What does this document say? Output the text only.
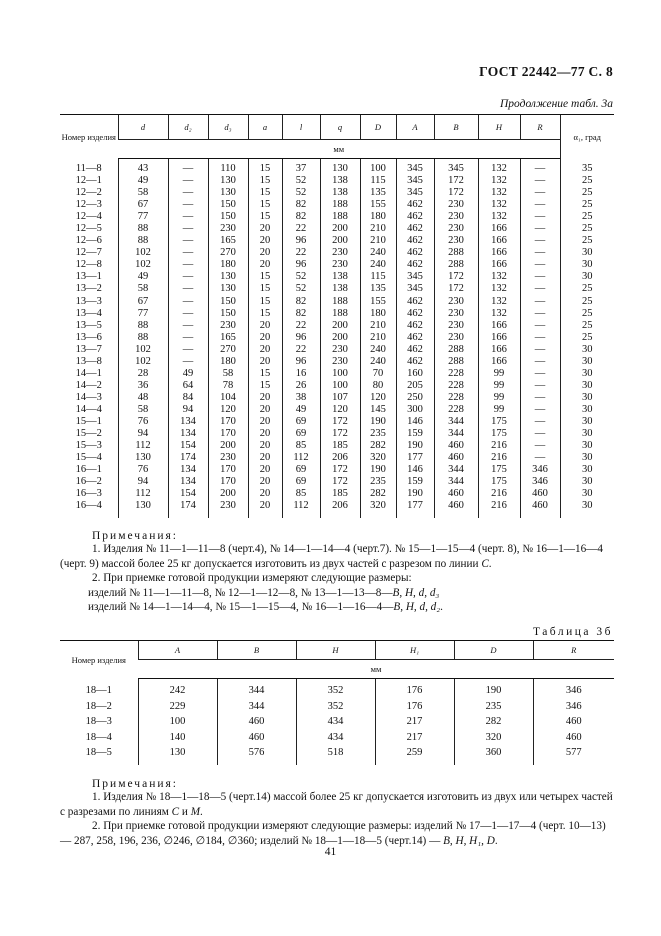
ГОСТ 22442—77 С. 8
Продолжение табл. 3а
Номер изделия	d	d₂	d₃	a	l	q	D	A	B	H	R	α₁, град
	мм											
11—8	43	—	110	15	37	130	100	345	345	132	—	35
12—1	49	—	130	15	52	138	115	345	172	132	—	25
12—2	58	—	130	15	52	138	135	345	172	132	—	25
12—3	67	—	150	15	82	188	155	462	230	132	—	25
12—4	77	—	150	15	82	188	180	462	230	132	—	25
12—5	88	—	230	20	22	200	210	462	230	166	—	25
12—6	88	—	165	20	96	200	210	462	230	166	—	25
12—7	102	—	270	20	22	230	240	462	288	166	—	30
12—8	102	—	180	20	96	230	240	462	288	166	—	30
13—1	49	—	130	15	52	138	115	345	172	132	—	30
13—2	58	—	130	15	52	138	135	345	172	132	—	25
13—3	67	—	150	15	82	188	155	462	230	132	—	25
13—4	77	—	150	15	82	188	180	462	230	132	—	25
13—5	88	—	230	20	22	200	210	462	230	166	—	25
13—6	88	—	165	20	96	200	210	462	230	166	—	25
13—7	102	—	270	20	22	230	240	462	288	166	—	30
13—8	102	—	180	20	96	230	240	462	288	166	—	30
14—1	28	49	58	15	16	100	70	160	228	99	—	30
14—2	36	64	78	15	26	100	80	205	228	99	—	30
14—3	48	84	104	20	38	107	120	250	228	99	—	30
14—4	58	94	120	20	49	120	145	300	228	99	—	30
15—1	76	134	170	20	69	172	190	146	344	175	—	30
15—2	94	134	170	20	69	172	235	159	344	175	—	30
15—3	112	154	200	20	85	185	282	190	460	216	—	30
15—4	130	174	230	20	112	206	320	177	460	216	—	30
16—1	76	134	170	20	69	172	190	146	344	175	346	30
16—2	94	134	170	20	69	172	235	159	344	175	346	30
16—3	112	154	200	20	85	185	282	190	460	216	460	30
16—4	130	174	230	20	112	206	320	177	460	216	460	30
Примечания:

1. Изделия № 11—1—11—8 (черт.4), № 14—1—14—4 (черт.7). № 15—1—15—4 (черт. 8), № 16—1—16—4 (черт. 9) массой более 25 кг допускается изготовить из двух частей с разрезом по линии C.

2. При приемке готовой продукции измеряют следующие размеры:

изделий № 11—1—11—8, № 12—1—12—8, № 13—1—13—8—B, H, d, d₃

изделий № 14—1—14—4, № 15—1—15—4, № 16—1—16—4—B, H, d, d₂.

Таблица 3б
Номер изделия	A	B	H	H₁	D	R
	мм					
18—1	242	344	352	176	190	346
18—2	229	344	352	176	235	346
18—3	100	460	434	217	282	460
18—4	140	460	434	217	320	460
18—5	130	576	518	259	360	577
Примечания:

1. Изделия № 18—1—18—5 (черт.14) массой более 25 кг допускается изготовить из двух или четырех частей с разрезами по линиям C и M.

2. При приемке готовой продукции измеряют следующие размеры: изделий № 17—1—17—4 (черт. 10—13) — 287, 258, 196, 236, ∅246, ∅184, ∅360; изделий № 18—1—18—5 (черт.14) — B, H, H₁, D.

41
